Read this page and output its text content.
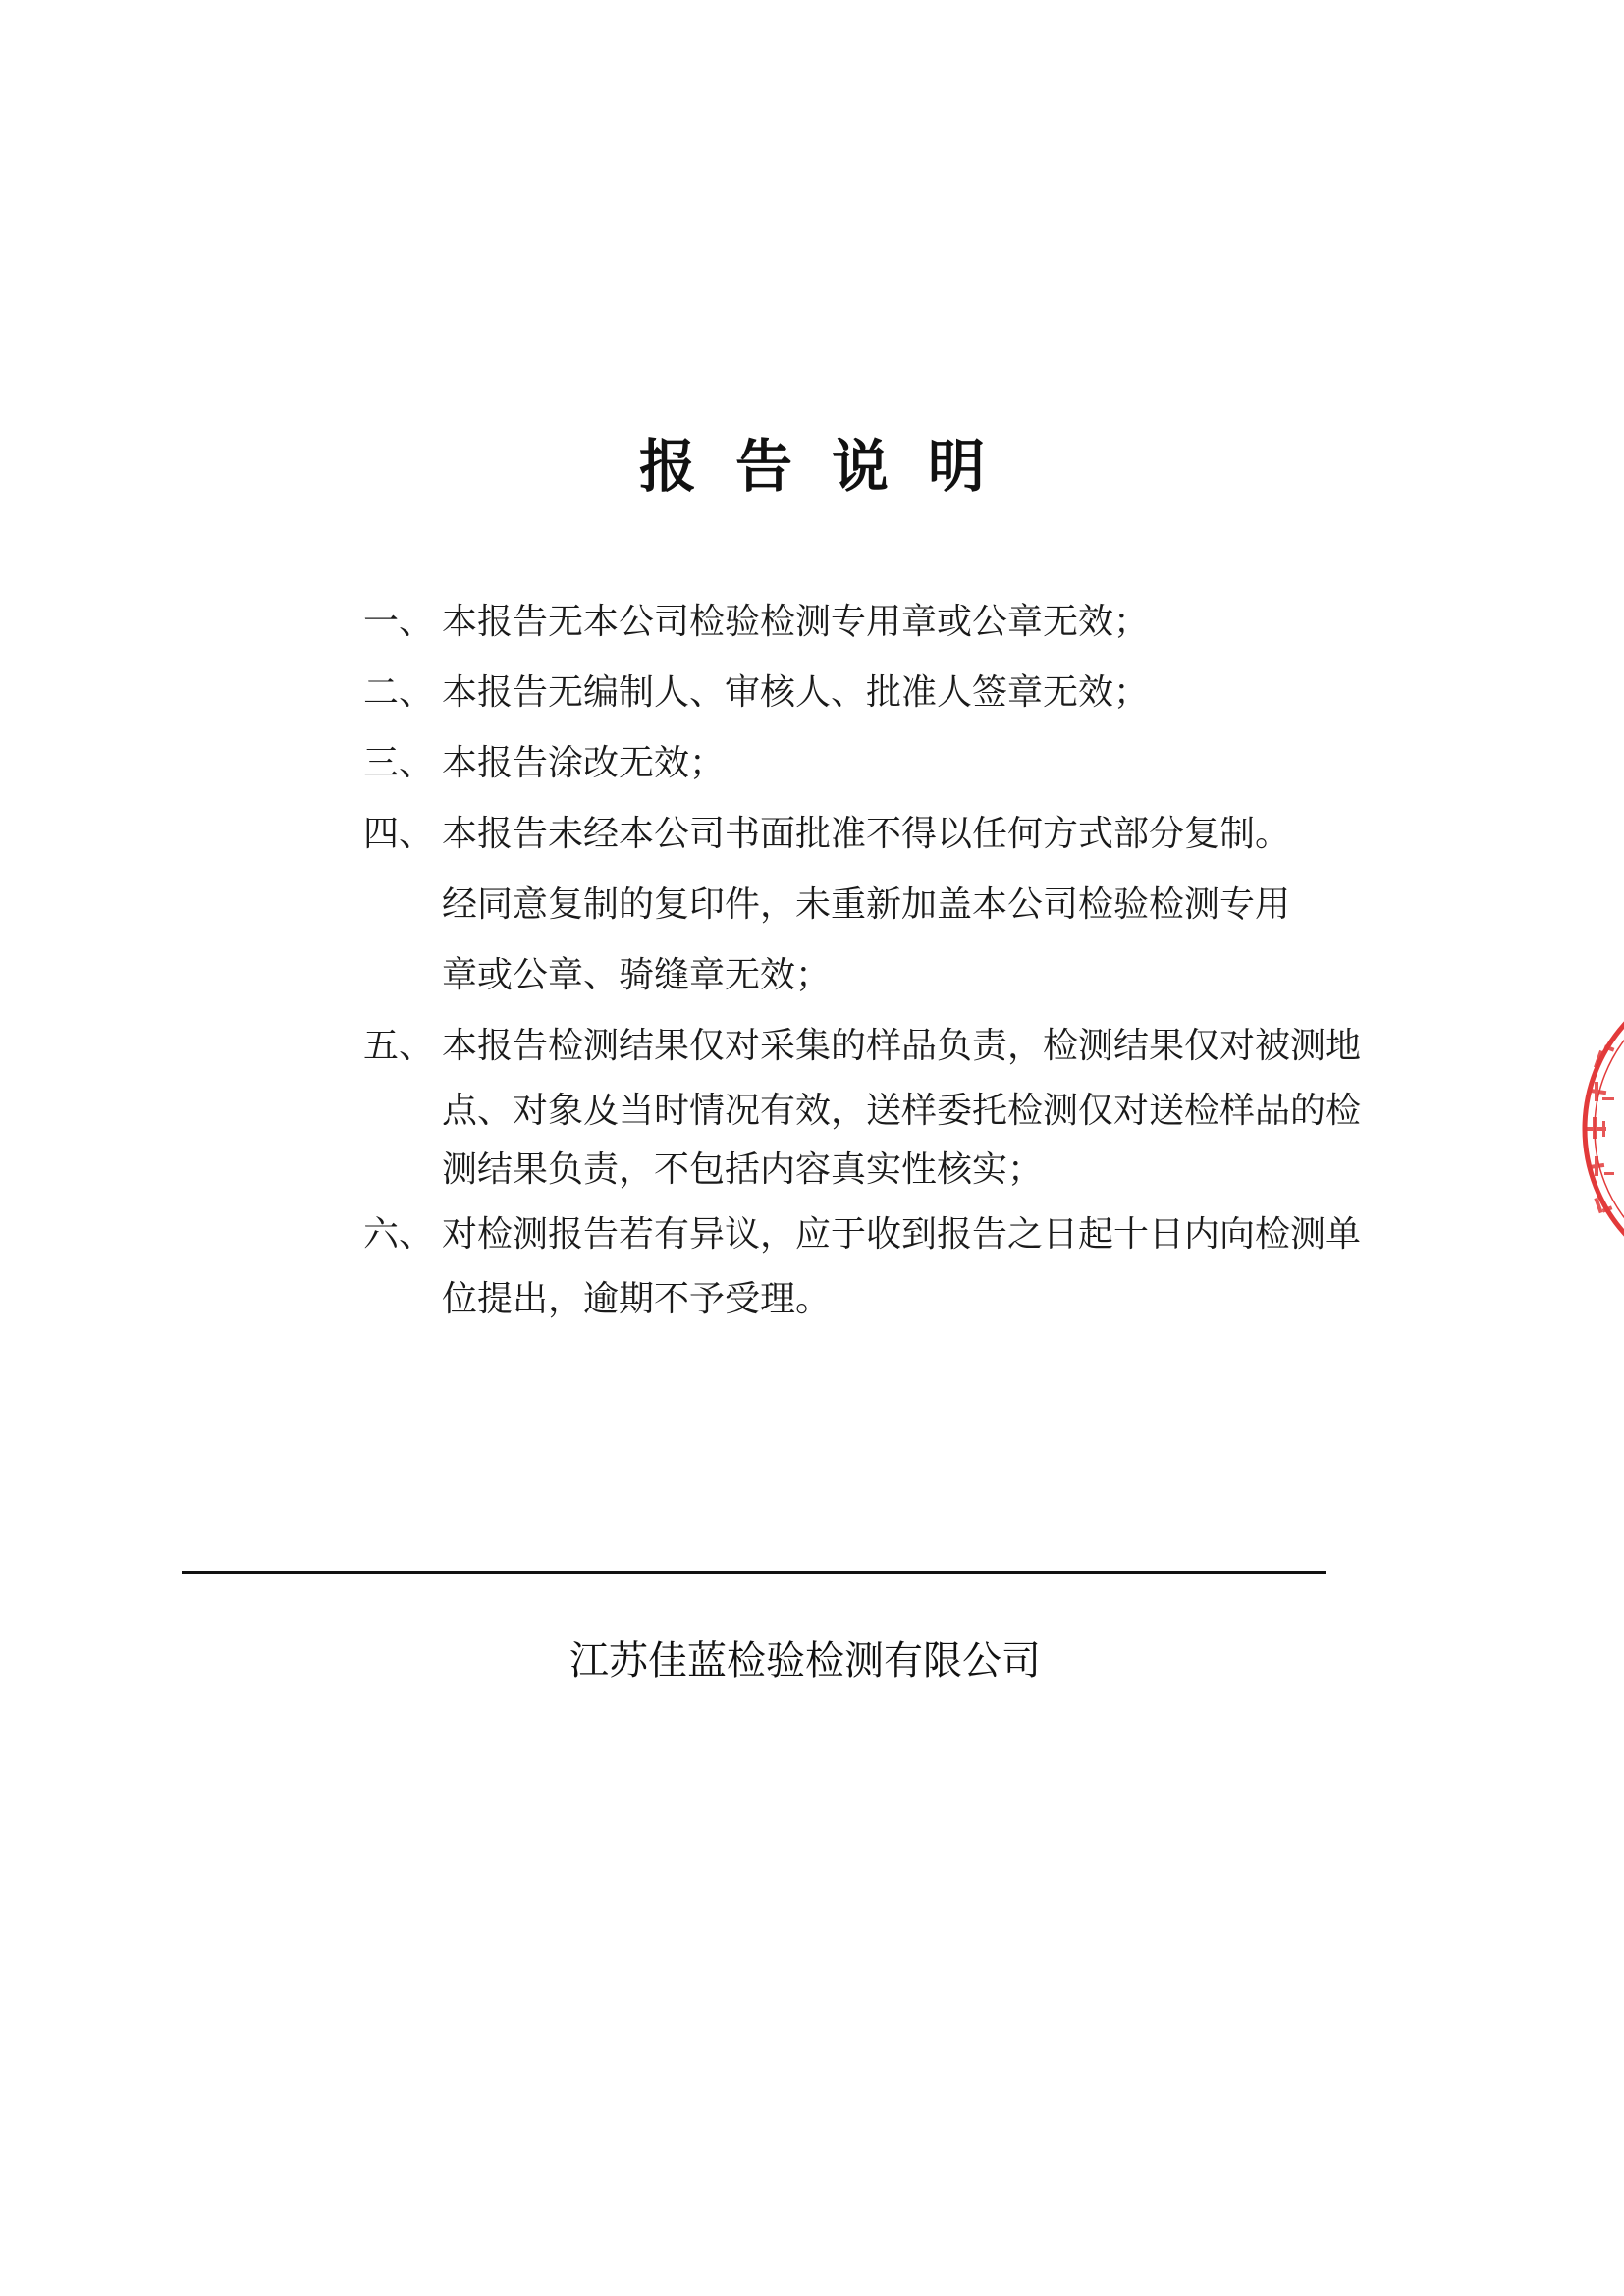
报告说明
一、 本报告无本公司检验检测专用章或公章无效；
二、 本报告无编制人、审核人、批准人签章无效；
三、 本报告涂改无效；
四、 本报告未经本公司书面批准不得以任何方式部分复制。
经同意复制的复印件，未重新加盖本公司检验检测专用
章或公章、骑缝章无效；
五、 本报告检测结果仅对采集的样品负责，检测结果仅对被测地
点、对象及当时情况有效，送样委托检测仅对送检样品的检
测结果负责，不包括内容真实性核实；
六、 对检测报告若有异议，应于收到报告之日起十日内向检测单
位提出，逾期不予受理。
江苏佳蓝检验检测有限公司
